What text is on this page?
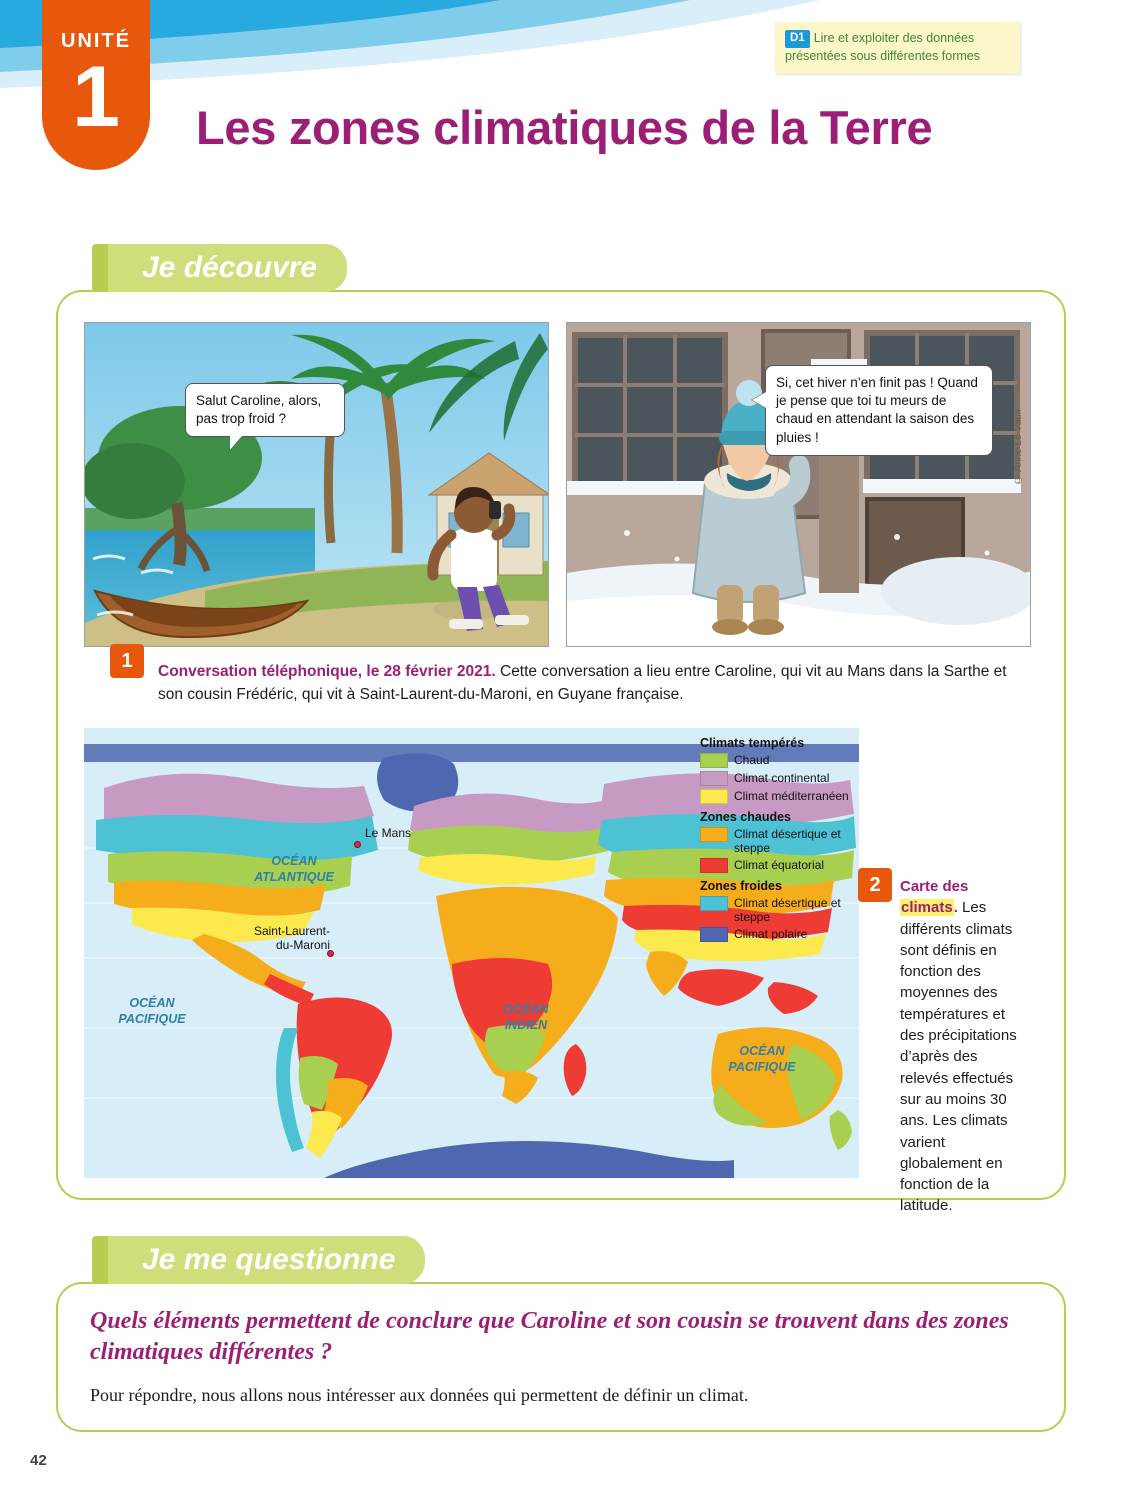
UNITÉ
1
D1 Lire et exploiter des données présentées sous différentes formes
Les zones climatiques de la Terre
Je découvre
Salut Caroline, alors, pas trop froid ?
Si, cet hiver n’en finit pas ! Quand je pense que toi tu meurs de chaud en attendant la saison des pluies !	© Anne Le Vaux
1	Conversation téléphonique, le 28 février 2021. Cette conversation a lieu entre Caroline, qui vit au Mans dans la Sarthe et son cousin Frédéric, qui vit à Saint-Laurent-du-Maroni, en Guyane française.
OCÉAN
ATLANTIQUE
OCÉAN
PACIFIQUE
OCÉAN
INDIEN
OCÉAN
PACIFIQUE
Le Mans
Saint-Laurent-
du-Maroni
Climats tempérés
Chaud
Climat continental
Climat méditerranéen
Zones chaudes
Climat désertique et steppe
Climat équatorial
Zones froides
Climat désertique et steppe
Climat polaire
2	Carte des climats. Les différents climats sont définis en fonction des moyennes des températures et des précipitations d’après des relevés effectués sur au moins 30 ans. Les climats varient globalement en fonction de la latitude.
Je me questionne
Quels éléments permettent de conclure que Caroline et son cousin se trouvent dans des zones climatiques différentes ?
Pour répondre, nous allons nous intéresser aux données qui permettent de définir un climat.
42
